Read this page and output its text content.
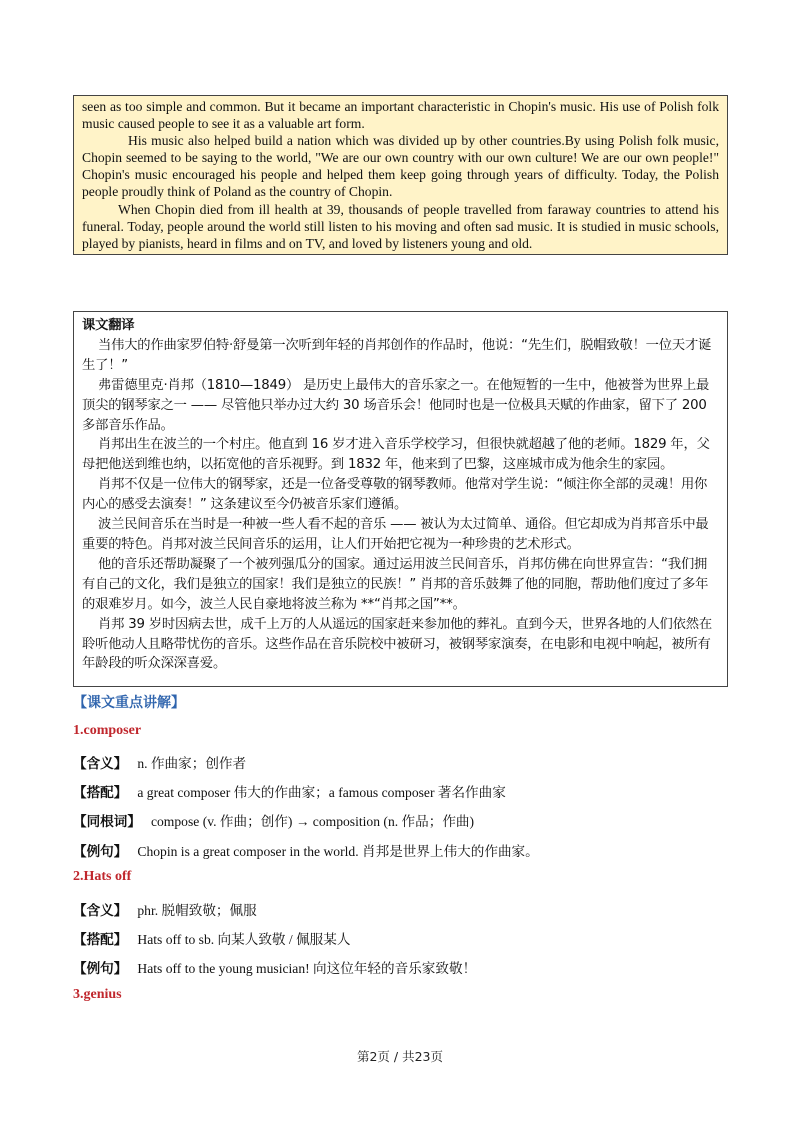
seen as too simple and common. But it became an important characteristic in Chopin's music. His use of Polish folk music caused people to see it as a valuable art form.

His music also helped build a nation which was divided up by other countries.By using Polish folk music, Chopin seemed to be saying to the world, "We are our own country with our own culture! We are our own people!" Chopin's music encouraged his people and helped them keep going through years of difficulty. Today, the Polish people proudly think of Poland as the country of Chopin.

When Chopin died from ill health at 39, thousands of people travelled from faraway countries to attend his funeral. Today, people around the world still listen to his moving and often sad music. It is studied in music schools, played by pianists, heard in films and on TV, and loved by listeners young and old.

课文翻译

当伟大的作曲家罗伯特·舒曼第一次听到年轻的肖邦创作的作品时，他说：“先生们，脱帽致敬！一位天才诞生了！”

弗雷德里克·肖邦（1810—1849） 是历史上最伟大的音乐家之一。在他短暂的一生中，他被誉为世界上最顶尖的钢琴家之一 —— 尽管他只举办过大约 30 场音乐会！他同时也是一位极具天赋的作曲家，留下了 200 多部音乐作品。

肖邦出生在波兰的一个村庄。他直到 16 岁才进入音乐学校学习，但很快就超越了他的老师。1829 年，父母把他送到维也纳，以拓宽他的音乐视野。到 1832 年，他来到了巴黎，这座城市成为他余生的家园。

肖邦不仅是一位伟大的钢琴家，还是一位备受尊敬的钢琴教师。他常对学生说：“倾注你全部的灵魂！用你内心的感受去演奏！” 这条建议至今仍被音乐家们遵循。

波兰民间音乐在当时是一种被一些人看不起的音乐 —— 被认为太过简单、通俗。但它却成为肖邦音乐中最重要的特色。肖邦对波兰民间音乐的运用，让人们开始把它视为一种珍贵的艺术形式。

他的音乐还帮助凝聚了一个被列强瓜分的国家。通过运用波兰民间音乐，肖邦仿佛在向世界宣告：“我们拥有自己的文化，我们是独立的国家！我们是独立的民族！” 肖邦的音乐鼓舞了他的同胞，帮助他们度过了多年的艰难岁月。如今，波兰人民自豪地将波兰称为 **“肖邦之国”**。

肖邦 39 岁时因病去世，成千上万的人从遥远的国家赶来参加他的葬礼。直到今天，世界各地的人们依然在聆听他动人且略带忧伤的音乐。这些作品在音乐院校中被研习，被钢琴家演奏，在电影和电视中响起，被所有年龄段的听众深深喜爱。

【课文重点讲解】
1.composer
【含义】 n. 作曲家；创作者
【搭配】 a great composer 伟大的作曲家；a famous composer 著名作曲家
【同根词】 compose (v. 作曲；创作) → composition (n. 作品；作曲)
【例句】 Chopin is a great composer in the world. 肖邦是世界上伟大的作曲家。
2.Hats off
【含义】 phr. 脱帽致敬；佩服
【搭配】 Hats off to sb. 向某人致敬 / 佩服某人
【例句】 Hats off to the young musician! 向这位年轻的音乐家致敬！
3.genius
第2页 / 共23页
